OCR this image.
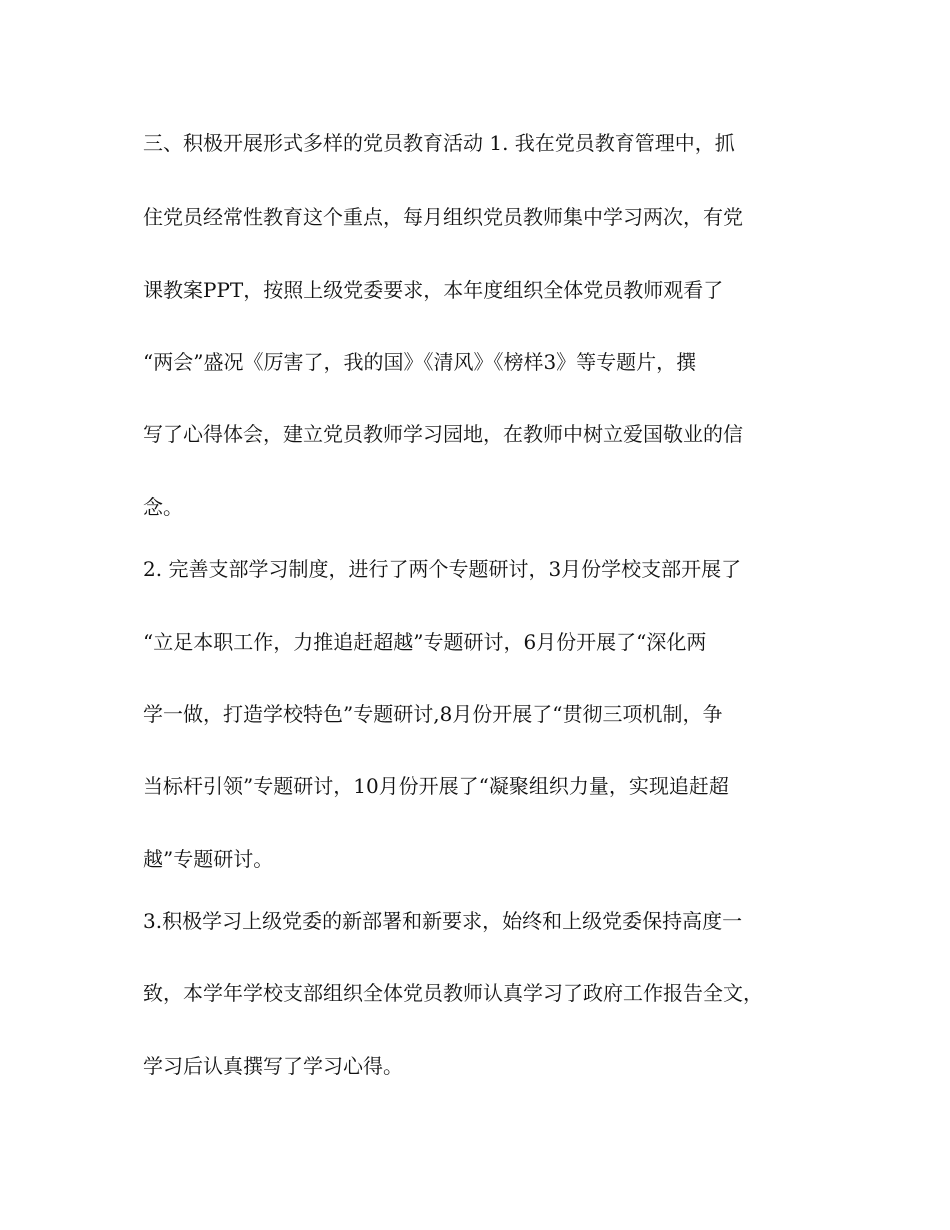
三、积极开展形式多样的党员教育活动 1. 我在党员教育管理中，抓
住党员经常性教育这个重点，每月组织党员教师集中学习两次，有党
课教案PPT，按照上级党委要求，本年度组织全体党员教师观看了
“两会”盛况《厉害了，我的国》《清风》《榜样3》等专题片，撰
写了心得体会，建立党员教师学习园地，在教师中树立爱国敬业的信
念。
2. 完善支部学习制度，进行了两个专题研讨，3月份学校支部开展了
“立足本职工作，力推追赶超越”专题研讨，6月份开展了“深化两
学一做，打造学校特色”专题研讨,8月份开展了“贯彻三项机制，争
当标杆引领”专题研讨，10月份开展了“凝聚组织力量，实现追赶超
越”专题研讨。
3.积极学习上级党委的新部署和新要求，始终和上级党委保持高度一
致，本学年学校支部组织全体党员教师认真学习了政府工作报告全文，
学习后认真撰写了学习心得。
